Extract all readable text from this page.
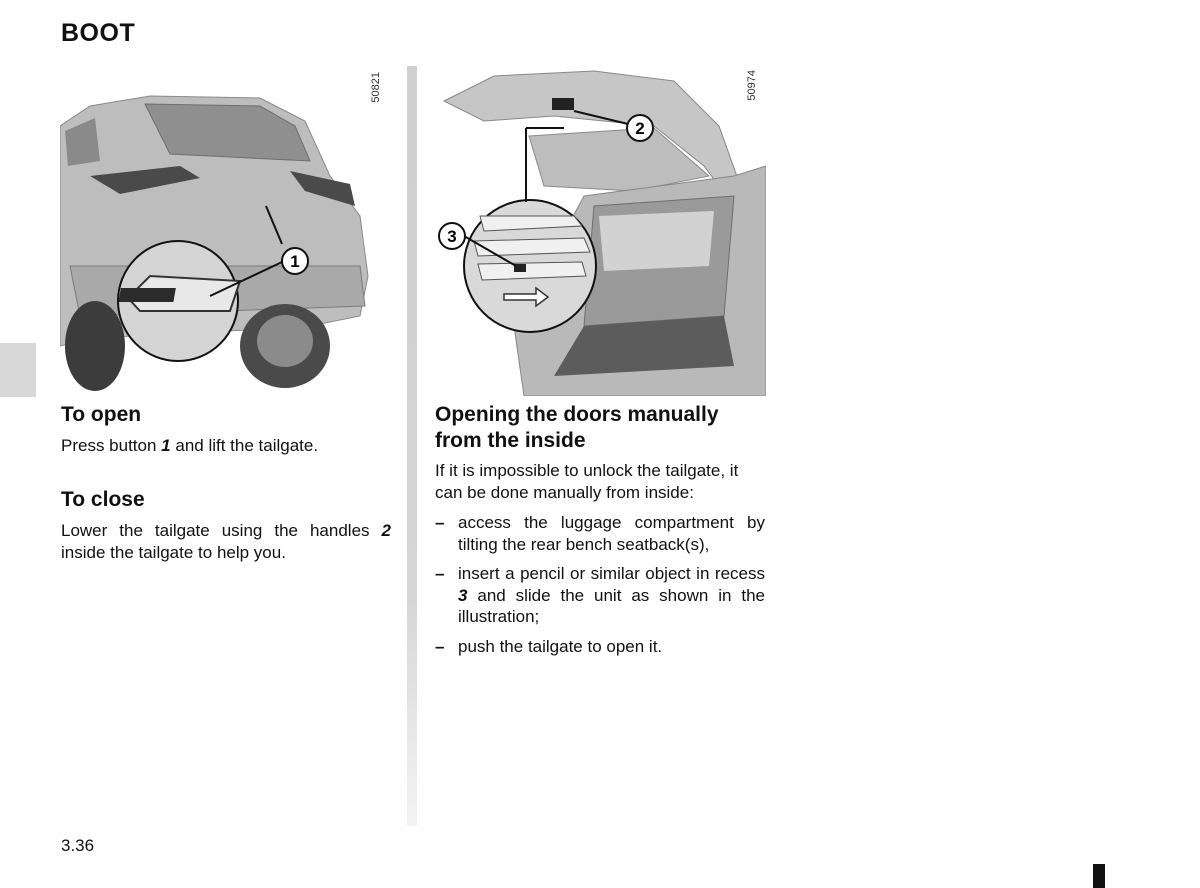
BOOT
1
50821
2
3
50974
To open

Press button 1 and lift the tailgate.

To close

Lower the tailgate using the handles 2 inside the tailgate to help you.

Opening the doors manually from the inside

If it is impossible to unlock the tailgate, it can be done manually from inside:

– access the luggage compartment by tilting the rear bench seatback(s),
– insert a pencil or similar object in recess 3 and slide the unit as shown in the illustration;
– push the tailgate to open it.
3.36
